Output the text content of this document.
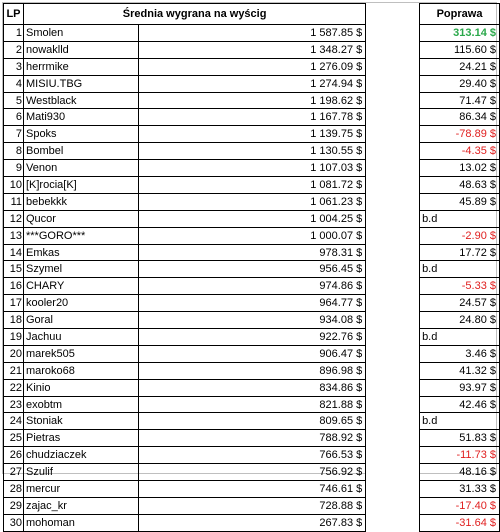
LP	Średnia wygrana na wyścig			Poprawa
1	Smolen	1 587.85 $		313.14 $
2	nowaklld	1 348.27 $		115.60 $
3	herrmike	1 276.09 $		24.21 $
4	MISIU.TBG	1 274.94 $		29.40 $
5	Westblack	1 198.62 $		71.47 $
6	Mati930	1 167.78 $		86.34 $
7	Spoks	1 139.75 $		-78.89 $
8	Bombel	1 130.55 $		-4.35 $
9	Venon	1 107.03 $		13.02 $
10	[K]rocia[K]	1 081.72 $		48.63 $
11	bebekkk	1 061.23 $		45.89 $
12	Qucor	1 004.25 $		b.d
13	***GORO***	1 000.07 $		-2.90 $
14	Emkas	978.31 $		17.72 $
15	Szymel	956.45 $		b.d
16	CHARY	974.86 $		-5.33 $
17	kooler20	964.77 $		24.57 $
18	Goral	934.08 $		24.80 $
19	Jachuu	922.76 $		b.d
20	marek505	906.47 $		3.46 $
21	maroko68	896.98 $		41.32 $
22	Kinio	834.86 $		93.97 $
23	exobtm	821.88 $		42.46 $
24	Stoniak	809.65 $		b.d
25	Pietras	788.92 $		51.83 $
26	chudziaczek	766.53 $		-11.73 $
27	Szulif	756.92 $		48.16 $
28	mercur	746.61 $		31.33 $
29	zajac_kr	728.88 $		-17.40 $
30	mohoman	267.83 $		-31.64 $
